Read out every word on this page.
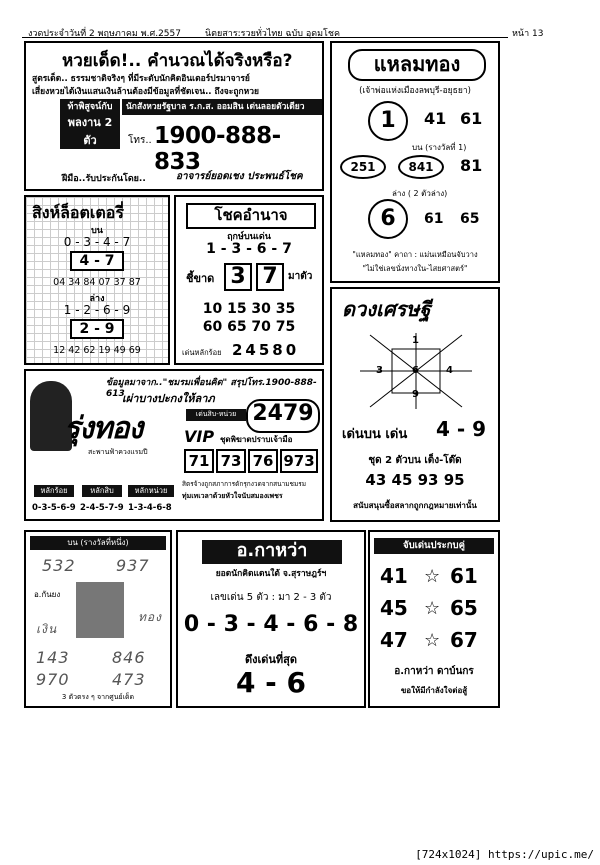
งวดประจำวันที่ 2 พฤษภาคม พ.ศ.2557	นิตยสาร:รวยทั่วไทย ฉบับ อุดมโชค	หน้า 13
หวยเด็ด!.. คำนวณได้จริงหรือ?
สูตรเด็ด.. ธรรมชาติจริงๆ ที่มีระดับนักคิดอินเตอร์ปรมาจารย์
เสี่ยงหวยได้เงินแสนเงินล้านต้องมีข้อมูลที่ชัดเจน.. ถึงจะถูกหวย
ท้าพิสูจน์กับ
พลงาน 2 ตัว
3 ตัวตรงๆ
นักสังหวยรัฐบาล ร.ก.ส. ออมสิน เด่นลอยตัวเดียว
โทร.. 1900-888-833
ฝีมือ..รับประกันโดย..	อาจารย์ยอดเชง ประพนธ์โชค
แหลมทอง
(เจ้าพ่อแห่งเมืองลพบุรี-อยุธยา)
1	41 61
บน (รางวัลที่ 1)
251	841	81
ล่าง ( 2 ตัวล่าง)
6	61 65
"แหลมทอง" คาถา : แม่นเหมือนจับวาง
"ไม่ใช่เลขนั่งทางใน-ไสยศาสตร์"
สิงห์ล็อตเตอรี่
บน
0 - 3 - 4 - 7
4 - 7
04 34 84 07 37 87
ล่าง
1 - 2 - 6 - 9
2 - 9
12 42 62 19 49 69
โชคอำนาจ
ฤกษ์บนเด่น
1 - 3 - 6 - 7
ชี้ขาด 3 7	มาตัว
10 15 30 35
60 65 70 75
เด่นหลักร้อย 24580
ดวงเศรษฐี
1
3	6	4
9
เด่นบน เด่น 4 - 9
ชุด 2 ตัวบน เต็ง-โต๊ด
43 45 93 95
สนับสนุนซื้อสลากถูกกฎหมายเท่านั้น
ข้อมูลมาจาก.."ชมรมเพื่อนคิด" สรุปโทร.1900-888-613
เผ่าบางปะกงให้ลาภ
รุ่งทอง
สะพานฟ้าควงแรมปี
เด่นสิบ-หน่วย 2479
VIP ชุดพิฆาตปราบเจ้ามือ
71 73 76 973
สิตรจ้างถูกสภาการดักรุกงวดจากสนามชมรม
ทุ่มเทเวลาด้วยหัวใจนับสมองเพชร
หลักร้อย	หลักสิบ	หลักหน่วย
0-3-5-6-9 2-4-5-7-9 1-3-4-6-8
บน (รางวัลที่หนึ่ง)
532	937
อ.กันยง
ทอง
เงิน
143	846
970	473
3 ตัวตรง ๆ จากศูนย์เด็ด
อ.กาหว่า
ยอดนักคิดแดนใต้ จ.สุราษฎร์ฯ
เลขเด่น 5 ตัว : มา 2 - 3 ตัว
0 - 3 - 4 - 6 - 8
ดึงเด่นที่สุด
4 - 6
จับเด่นประกบคู่
41 ☆ 61
45 ☆ 65
47 ☆ 67
อ.กาหว่า ดาบ์นกร
ขอให้มีกำลังใจต่อสู้
[724x1024] https://upic.me/
